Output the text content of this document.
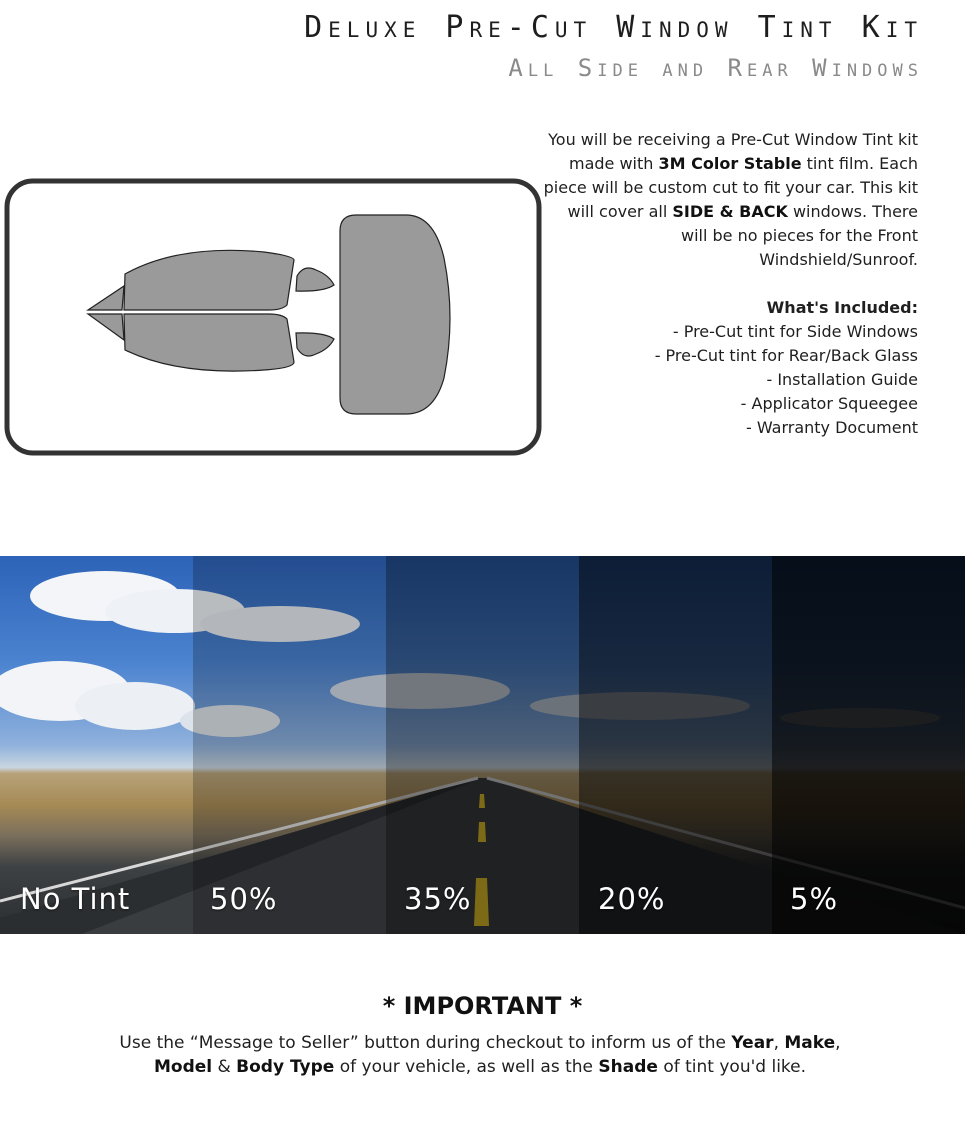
Deluxe Pre-Cut Window Tint Kit
All Side and Rear Windows

You will be receiving a Pre-Cut Window Tint kit made with 3M Color Stable tint film. Each piece will be custom cut to fit your car. This kit will cover all SIDE & BACK windows. There will be no pieces for the Front Windshield/Sunroof.

What's Included:

- Pre-Cut tint for Side Windows
- Pre-Cut tint for Rear/Back Glass
- Installation Guide
- Applicator Squeegee
- Warranty Document
No Tint	50%	35%	20%	5%
* IMPORTANT *

Use the “Message to Seller” button during checkout to inform us of the Year, Make, Model & Body Type of your vehicle, as well as the Shade of tint you'd like.
